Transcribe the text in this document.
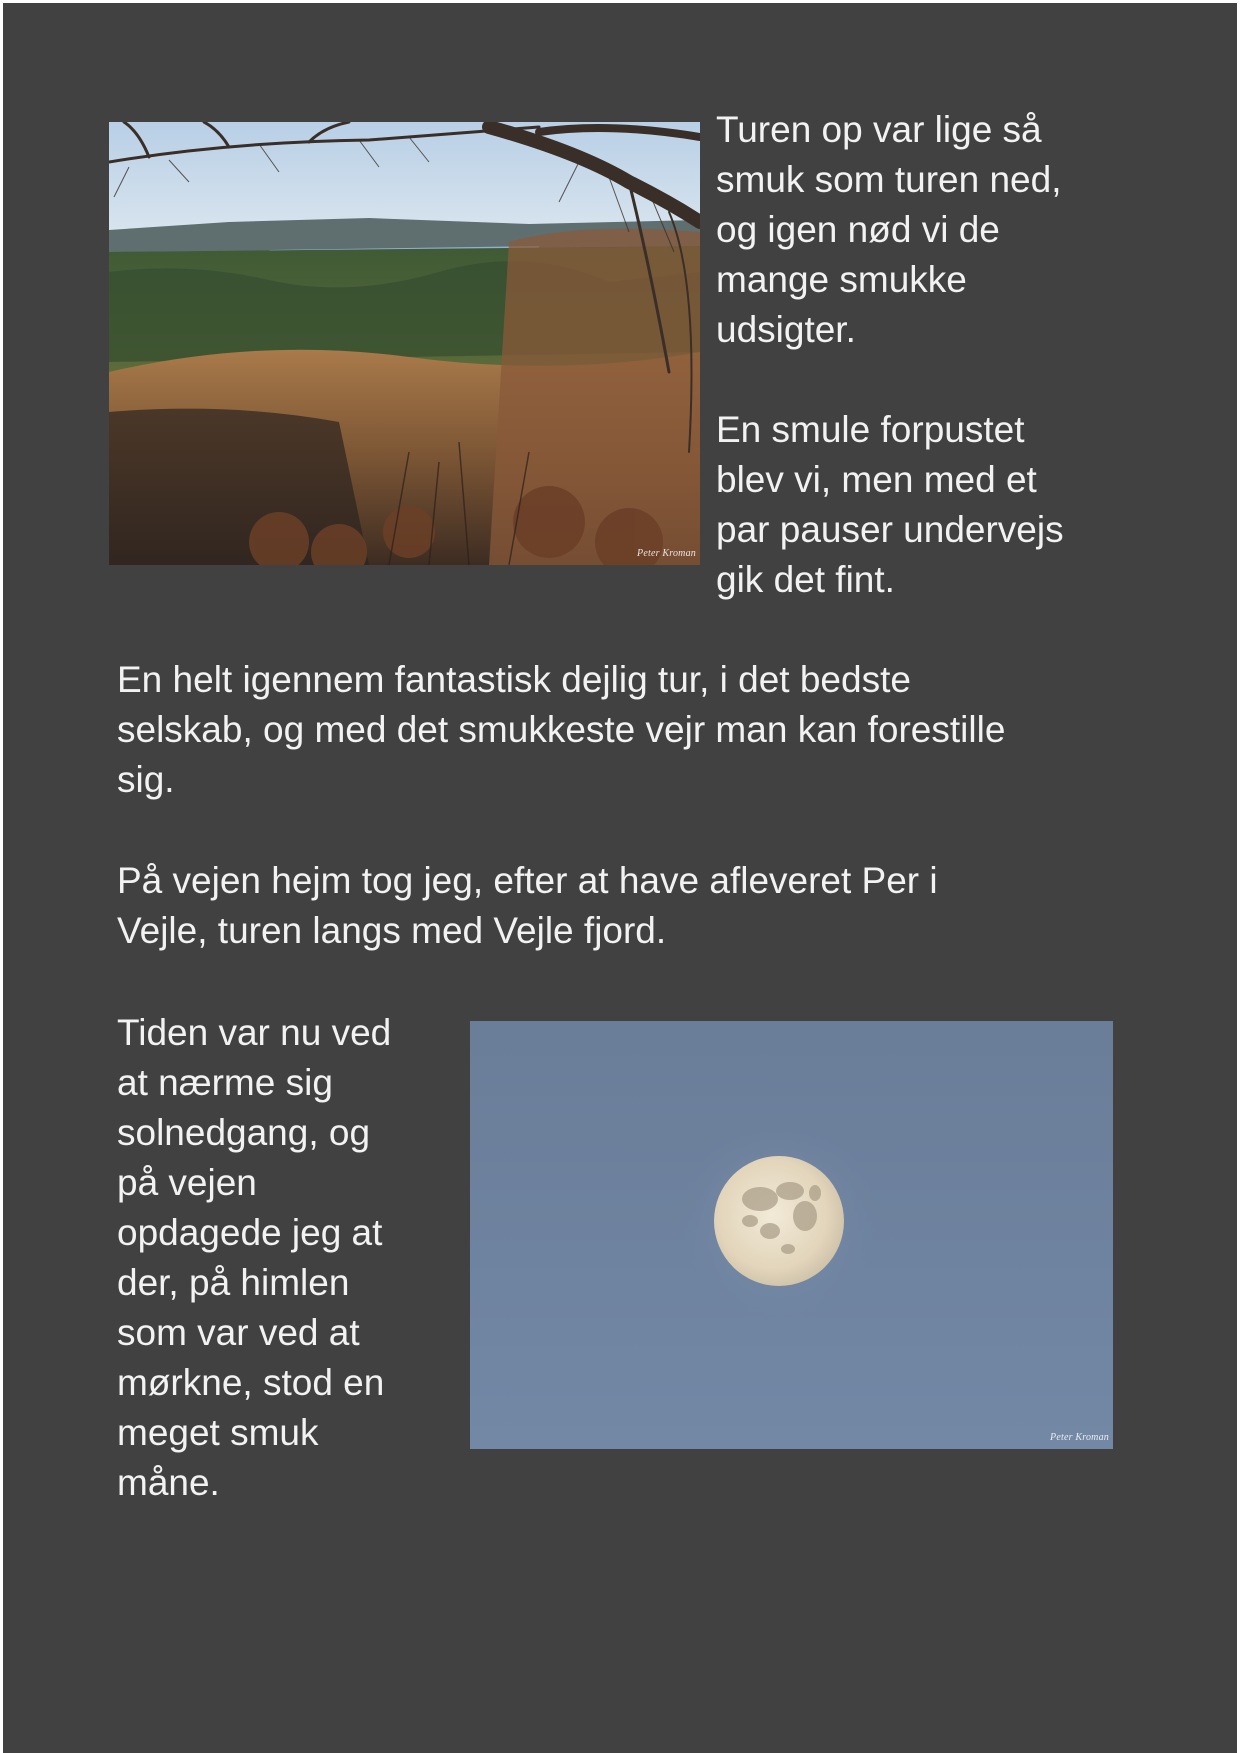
Peter Kroman

Turen op var lige så
smuk som turen ned,
og igen nød vi de
mange smukke
udsigter.

En smule forpustet
blev vi, men med et
par pauser undervejs
gik det fint.

En helt igennem fantastisk dejlig tur, i det bedste
selskab, og med det smukkeste vejr man kan forestille
sig.

På vejen hejm tog jeg, efter at have afleveret Per i
Vejle, turen langs med Vejle fjord.

Tiden var nu ved
at nærme sig
solnedgang, og
på vejen
opdagede jeg at
der, på himlen
som var ved at
mørkne, stod en
meget smuk
måne.

Peter Kroman
